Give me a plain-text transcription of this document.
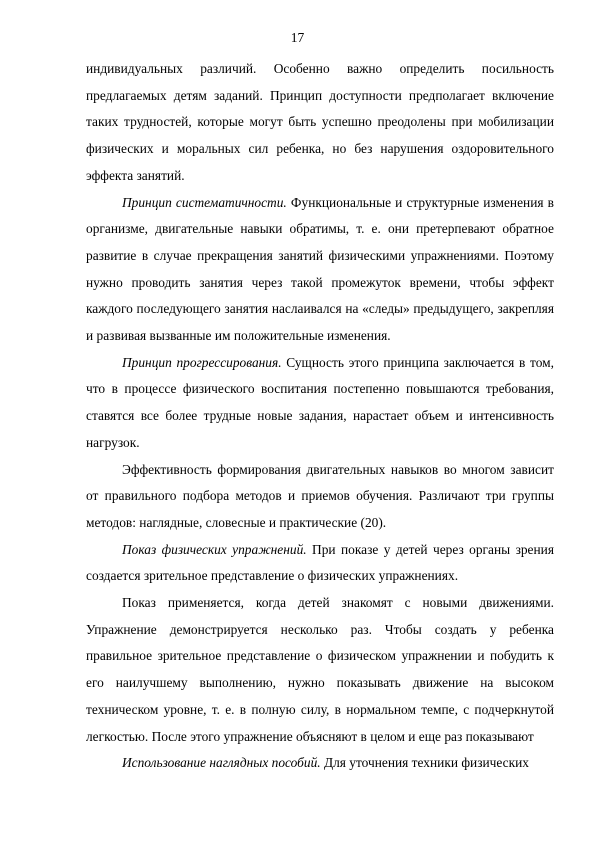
17

индивидуальных различий. Особенно важно определить посильность предлагаемых детям заданий. Принцип доступности предполагает включение таких трудностей, которые могут быть успешно преодолены при мобилизации физических и моральных сил ребенка, но без нарушения оздоровительного эффекта занятий.

Принцип систематичности. Функциональные и структурные изменения в организме, двигательные навыки обратимы, т. е. они претерпевают обратное развитие в случае прекращения занятий физическими упражнениями. Поэтому нужно проводить занятия через такой промежуток времени, чтобы эффект каждого последующего занятия наслаивался на «следы» предыдущего, закрепляя и развивая вызванные им положительные изменения.

Принцип прогрессирования. Сущность этого принципа заключается в том, что в процессе физического воспитания постепенно повышаются требования, ставятся все более трудные новые задания, нарастает объем и интенсивность нагрузок.

Эффективность формирования двигательных навыков во многом зависит от правильного подбора методов и приемов обучения. Различают три группы методов: наглядные, словесные и практические (20).

Показ физических упражнений. При показе у детей через органы зрения создается зрительное представление о физических упражнениях.

Показ применяется, когда детей знакомят с новыми движениями. Упражнение демонстрируется несколько раз. Чтобы создать у ребенка правильное зрительное представление о физическом упражнении и побудить к его наилучшему выполнению, нужно показывать движение на высоком техническом уровне, т. е. в полную силу, в нормальном темпе, с подчеркнутой легкостью. После этого упражнение объясняют в целом и еще раз показывают

Использование наглядных пособий. Для уточнения техники физических
